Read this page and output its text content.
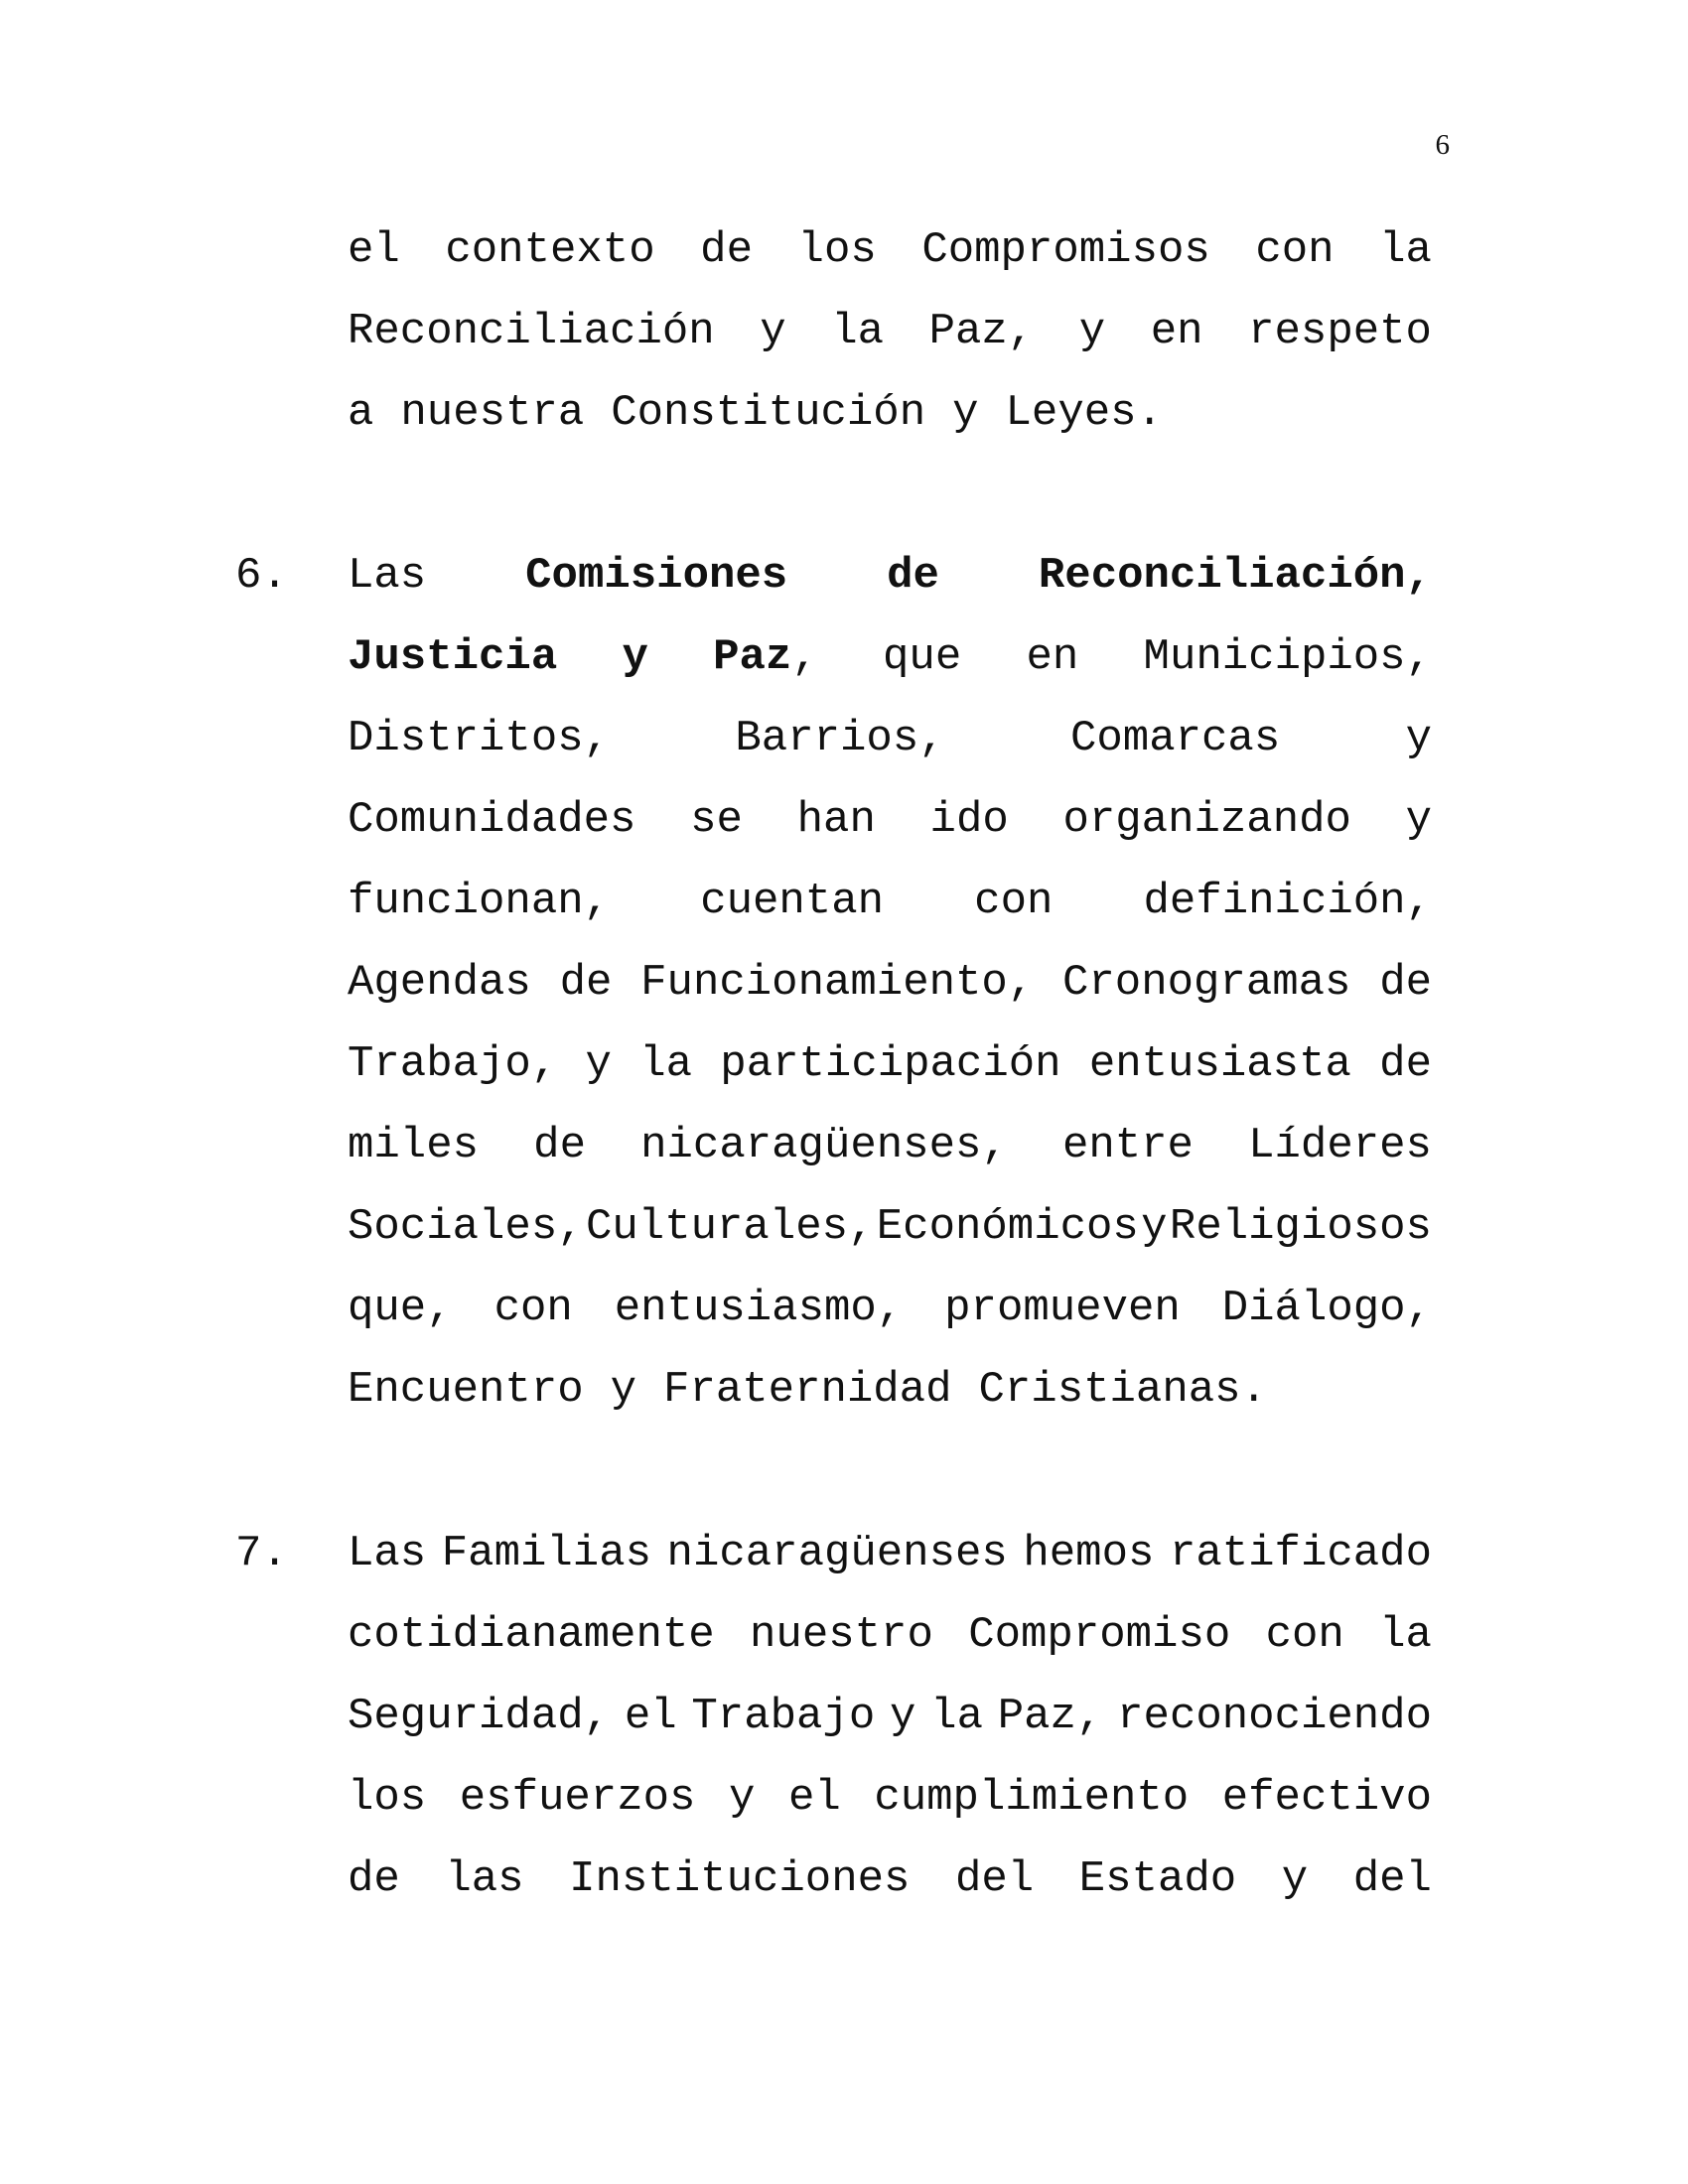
6
el contexto de los Compromisos con la
Reconciliación y la Paz, y en respeto
a nuestra Constitución y Leyes.
6. Las Comisiones de Reconciliación,
Justicia y Paz, que en Municipios,
Distritos,	Barrios,	Comarcas	y
Comunidades se han ido organizando y
funcionan, cuentan con definición,
Agendas de Funcionamiento, Cronogramas de
Trabajo, y la participación entusiasta de
miles de nicaragüenses, entre Líderes
Sociales, Culturales, Económicos y Religiosos
que, con entusiasmo, promueven Diálogo,
Encuentro y Fraternidad Cristianas.
7. Las Familias nicaragüenses hemos ratificado
cotidianamente nuestro Compromiso con la
Seguridad, el Trabajo y la Paz, reconociendo
los esfuerzos y el cumplimiento efectivo
de las Instituciones del Estado y del
